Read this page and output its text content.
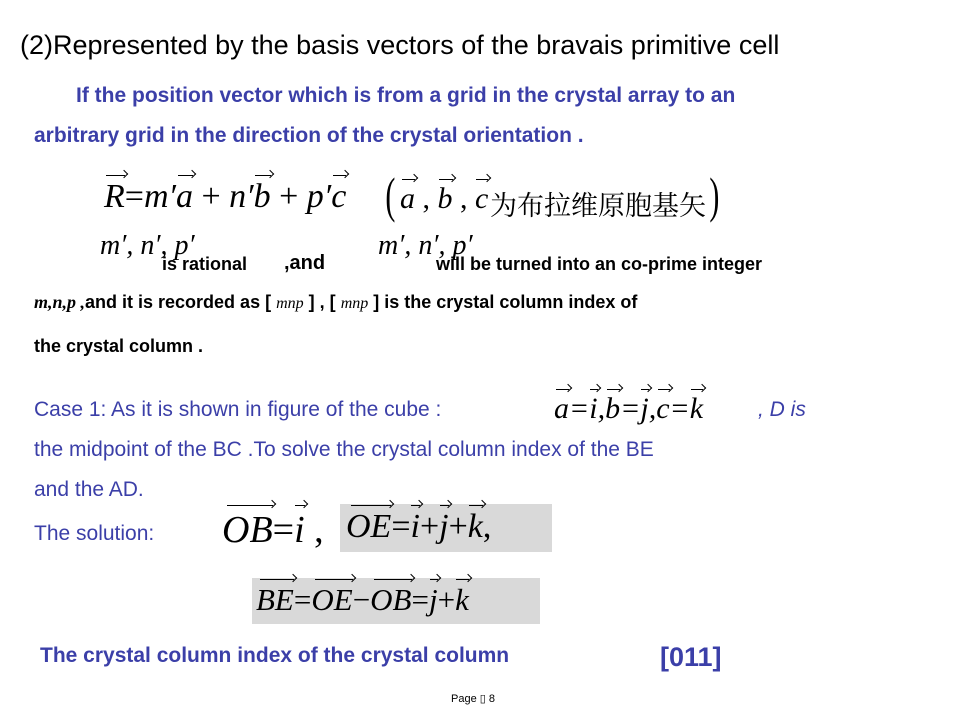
(2)Represented by the basis vectors of the bravais primitive cell
If the position vector which is from a grid in the crystal array to an
arbitrary grid in the direction of the crystal orientation .
R=m′a + n′b + p′c ( a , b , c 为布拉维原胞基矢 )
m′, n′, p′
is rational ,and
m′, n′, p′
will be turned into an co-prime integer
m,n,p ,and it is recorded as [ mnp ] , [ mnp ] is the crystal column index of
the crystal column .
Case 1: As it is shown in figure of the cube :	a=i,b=j,c=k	, D is
the midpoint of the BC .To solve the crystal column index of the BE
and the AD.
The solution: OB=i , OE=i+j+k,
BE=OE−OB=j+k
The crystal column index of the crystal column	[011]
Page ▯ 8
